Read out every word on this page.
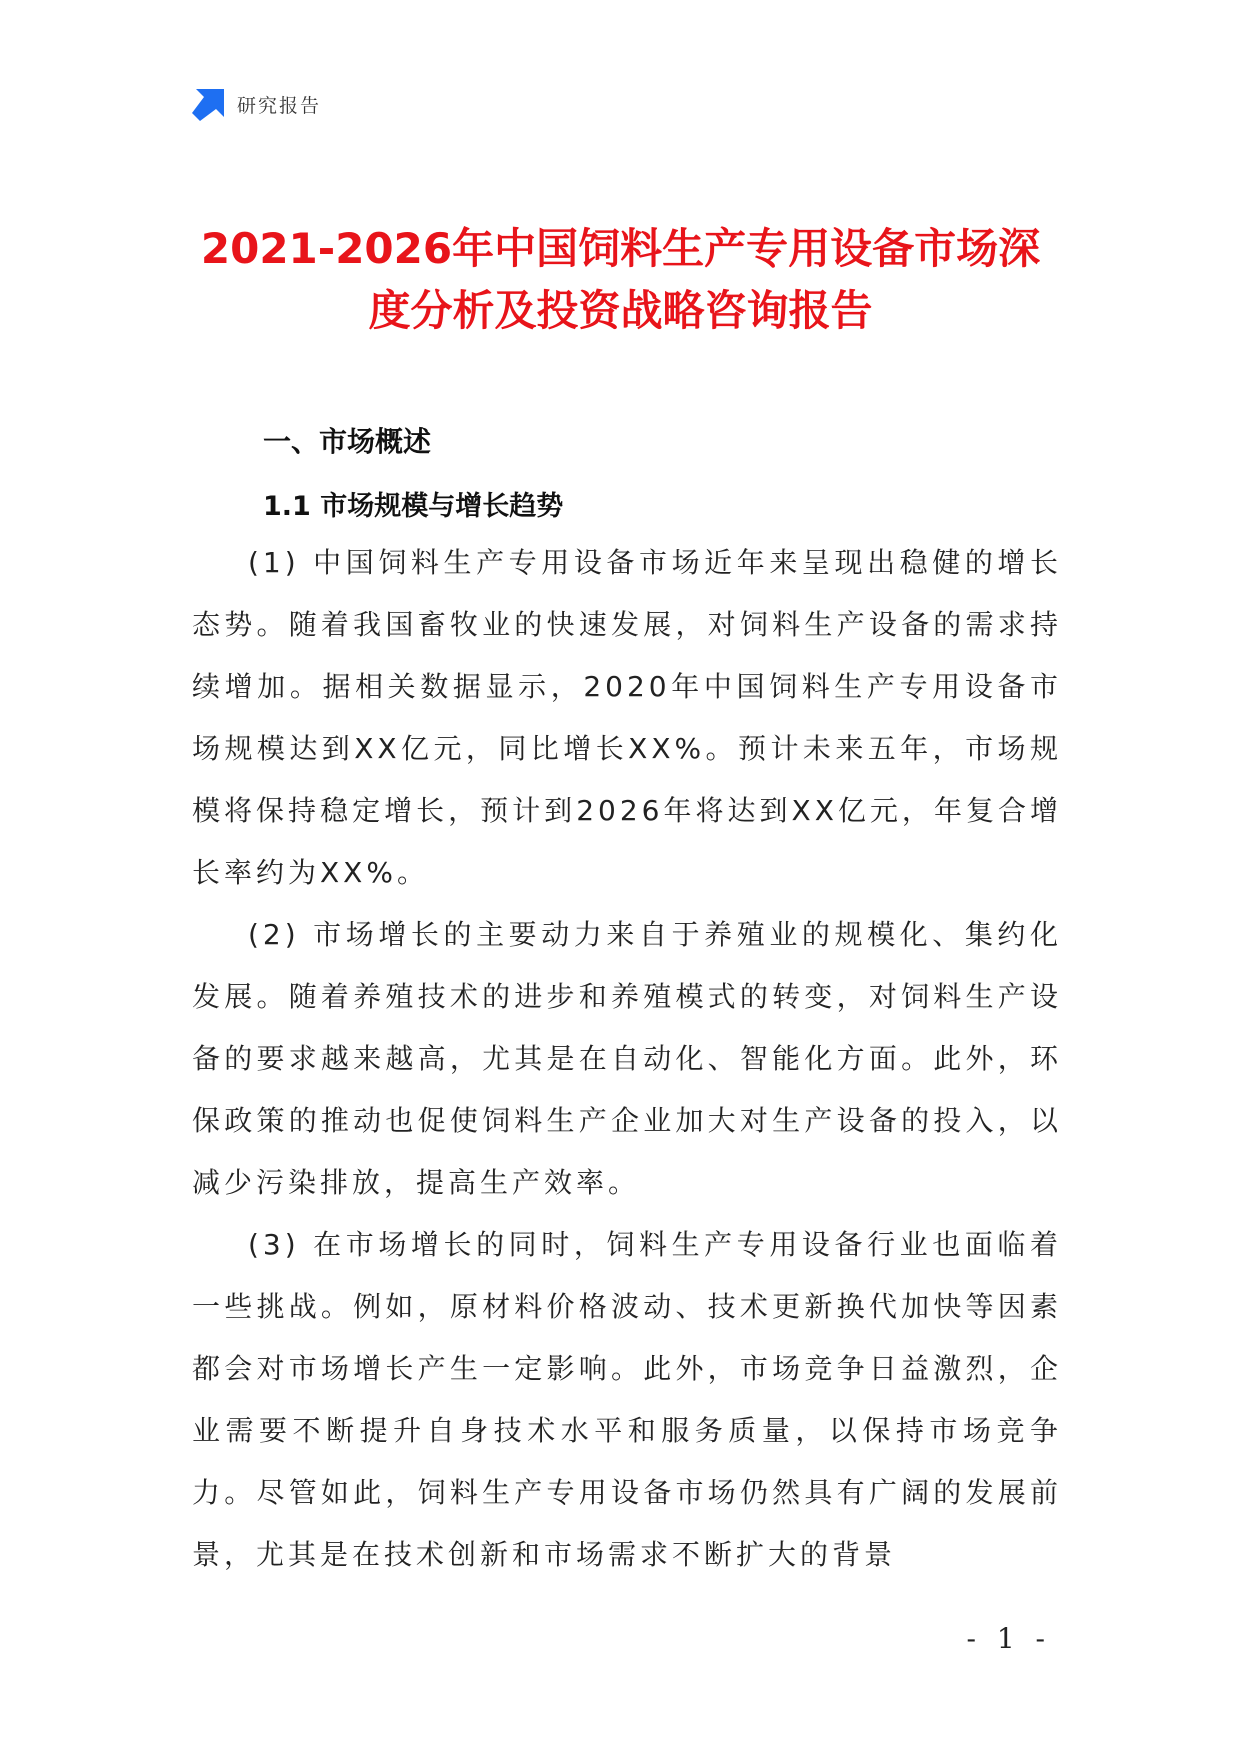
研究报告
2021-2026年中国饲料生产专用设备市场深
度分析及投资战略咨询报告
一、市场概述
1.1 市场规模与增长趋势

(1) 中国饲料生产专用设备市场近年来呈现出稳健的增长态势。随着我国畜牧业的快速发展，对饲料生产设备的需求持续增加。据相关数据显示，2020年中国饲料生产专用设备市场规模达到XX亿元，同比增长XX%。预计未来五年，市场规模将保持稳定增长，预计到2026年将达到XX亿元，年复合增长率约为XX%。

(2) 市场增长的主要动力来自于养殖业的规模化、集约化发展。随着养殖技术的进步和养殖模式的转变，对饲料生产设备的要求越来越高，尤其是在自动化、智能化方面。此外，环保政策的推动也促使饲料生产企业加大对生产设备的投入，以减少污染排放，提高生产效率。

(3) 在市场增长的同时，饲料生产专用设备行业也面临着一些挑战。例如，原材料价格波动、技术更新换代加快等因素都会对市场增长产生一定影响。此外，市场竞争日益激烈，企业需要不断提升自身技术水平和服务质量，以保持市场竞争力。尽管如此，饲料生产专用设备市场仍然具有广阔的发展前景，尤其是在技术创新和市场需求不断扩大的背景

- 1 -
